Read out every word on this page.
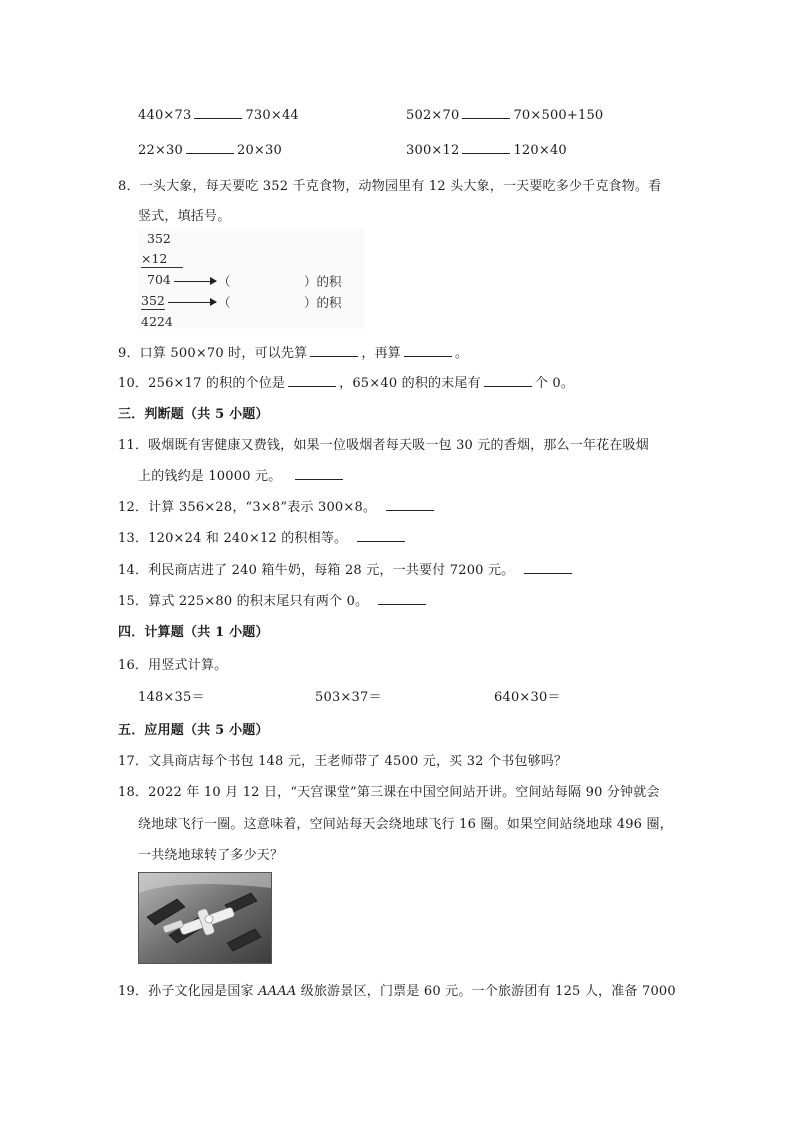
440×73	730×44	502×70	70×500+150
22×30	20×30	300×12	120×40
8．一头大象，每天要吃 352 千克食物，动物园里有 12 头大象，一天要吃多少千克食物。看
竖式，填括号。
352
×12
704	（	）的积
352	（	）的积
4224
9．口算 500×70 时，可以先算	，再算	。
10．256×17 的积的个位是	，65×40 的积的末尾有	个 0。
三．判断题（共 5 小题）
11．吸烟既有害健康又费钱，如果一位吸烟者每天吸一包 30 元的香烟，那么一年花在吸烟
上的钱约是 10000 元。
12．计算 356×28，“3×8”表示 300×8。
13．120×24 和 240×12 的积相等。
14．利民商店进了 240 箱牛奶，每箱 28 元，一共要付 7200 元。
15．算式 225×80 的积末尾只有两个 0。
四．计算题（共 1 小题）
16．用竖式计算。
148×35＝	503×37＝	640×30＝
五．应用题（共 5 小题）
17．文具商店每个书包 148 元，王老师带了 4500 元，买 32 个书包够吗？
18．2022 年 10 月 12 日，“天宫课堂”第三课在中国空间站开讲。空间站每隔 90 分钟就会
绕地球飞行一圈。这意味着，空间站每天会绕地球飞行 16 圈。如果空间站绕地球 496 圈，
一共绕地球转了多少天？
19．孙子文化园是国家 AAAA 级旅游景区，门票是 60 元。一个旅游团有 125 人，准备 7000
